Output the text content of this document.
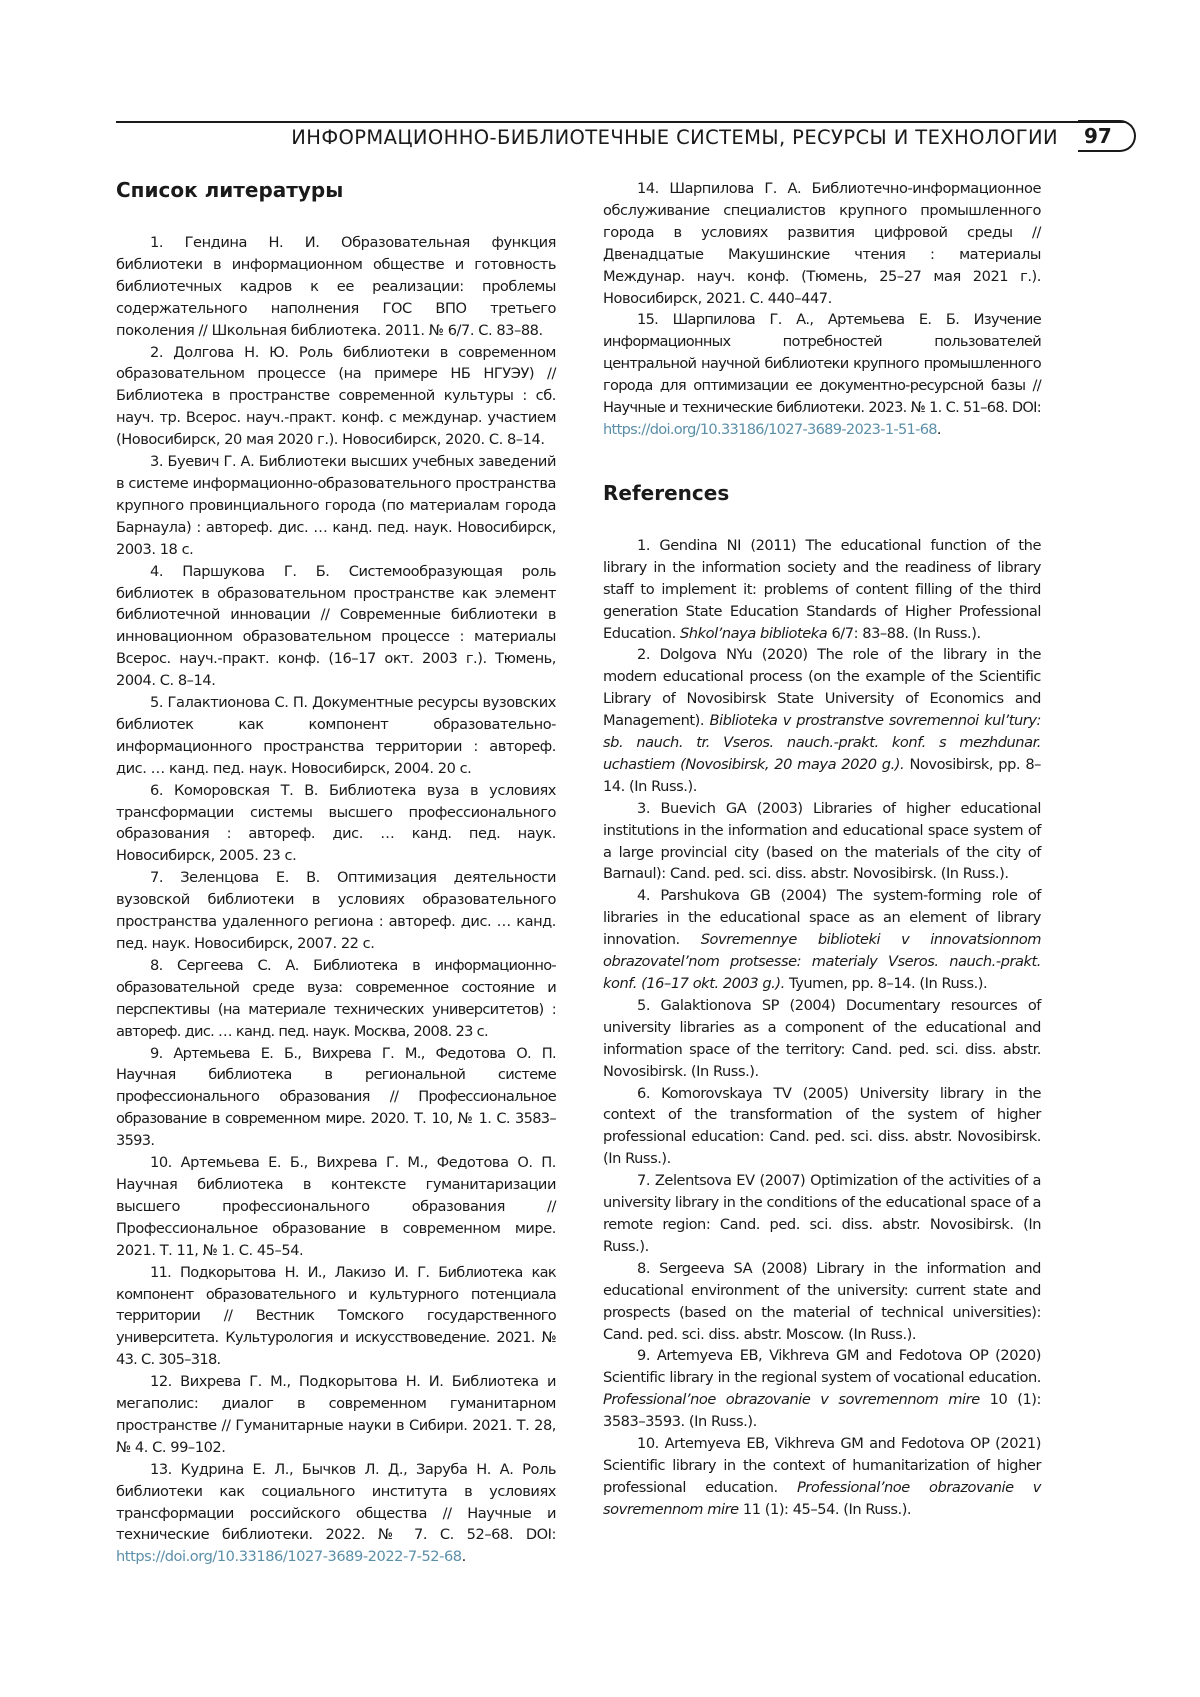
ИНФОРМАЦИОННО-БИБЛИОТЕЧНЫЕ СИСТЕМЫ, РЕСУРСЫ И ТЕХНОЛОГИИ 97
Список литературы

1. Гендина Н. И. Образовательная функция библиотеки в информационном обществе и готовность библиотечных кадров к ее реализации: проблемы содержательного наполнения ГОС ВПО третьего поколения // Школьная библиотека. 2011. № 6/7. С. 83–88.

2. Долгова Н. Ю. Роль библиотеки в современном образовательном процессе (на примере НБ НГУЭУ) // Библиотека в пространстве современной культуры : сб. науч. тр. Всерос. науч.-практ. конф. с междунар. участием (Новосибирск, 20 мая 2020 г.). Новосибирск, 2020. С. 8–14.

3. Буевич Г. А. Библиотеки высших учебных заведений в системе информационно-образовательного пространства крупного провинциального города (по материалам города Барнаула) : автореф. дис. … канд. пед. наук. Новосибирск, 2003. 18 с.

4. Паршукова Г. Б. Системообразующая роль библиотек в образовательном пространстве как элемент библиотечной инновации // Современные библиотеки в инновационном образовательном процессе : материалы Всерос. науч.-практ. конф. (16–17 окт. 2003 г.). Тюмень, 2004. С. 8–14.

5. Галактионова С. П. Документные ресурсы вузовских библиотек как компонент образовательно-информационного пространства территории : автореф. дис. … канд. пед. наук. Новосибирск, 2004. 20 с.

6. Коморовская Т. В. Библиотека вуза в условиях трансформации системы высшего профессионального образования : автореф. дис. … канд. пед. наук. Новосибирск, 2005. 23 с.

7. Зеленцова Е. В. Оптимизация деятельности вузовской библиотеки в условиях образовательного пространства удаленного региона : автореф. дис. … канд. пед. наук. Новосибирск, 2007. 22 с.

8. Сергеева С. А. Библиотека в информационно-образовательной среде вуза: современное состояние и перспективы (на материале технических университетов) : автореф. дис. … канд. пед. наук. Москва, 2008. 23 с.

9. Артемьева Е. Б., Вихрева Г. М., Федотова О. П. Научная библиотека в региональной системе профессионального образования // Профессиональное образование в современном мире. 2020. Т. 10, № 1. С. 3583–3593.

10. Артемьева Е. Б., Вихрева Г. М., Федотова О. П. Научная библиотека в контексте гуманитаризации высшего профессионального образования // Профессиональное образование в современном мире. 2021. Т. 11, № 1. С. 45–54.

11. Подкорытова Н. И., Лакизо И. Г. Библиотека как компонент образовательного и культурного потенциала территории // Вестник Томского государственного университета. Культурология и искусствоведение. 2021. № 43. С. 305–318.

12. Вихрева Г. М., Подкорытова Н. И. Библиотека и мегаполис: диалог в современном гуманитарном пространстве // Гуманитарные науки в Сибири. 2021. Т. 28, № 4. С. 99–102.

13. Кудрина Е. Л., Бычков Л. Д., Заруба Н. А. Роль библиотеки как социального института в условиях трансформации российского общества // Научные и технические библиотеки. 2022. № 7. С. 52–68. DOI: https://doi.org/10.33186/1027-3689-2022-7-52-68.

14. Шарпилова Г. А. Библиотечно-информационное обслуживание специалистов крупного промышленного города в условиях развития цифровой среды // Двенадцатые Макушинские чтения : материалы Междунар. науч. конф. (Тюмень, 25–27 мая 2021 г.). Новосибирск, 2021. С. 440–447.

15. Шарпилова Г. А., Артемьева Е. Б. Изучение информационных потребностей пользователей центральной научной библиотеки крупного промышленного города для оптимизации ее документно-ресурсной базы // Научные и технические библиотеки. 2023. № 1. С. 51–68. DOI: https://doi.org/10.33186/1027-3689-2023-1-51-68.

References

1. Gendina NI (2011) The educational function of the library in the information society and the readiness of library staff to implement it: problems of content filling of the third generation State Education Standards of Higher Professional Education. Shkol’naya biblioteka 6/7: 83–88. (In Russ.).

2. Dolgova NYu (2020) The role of the library in the modern educational process (on the example of the Scientific Library of Novosibirsk State University of Economics and Management). Biblioteka v prostranstve sovremennoi kul’tury: sb. nauch. tr. Vseros. nauch.-prakt. konf. s mezhdunar. uchastiem (Novosibirsk, 20 maya 2020 g.). Novosibirsk, pp. 8–14. (In Russ.).

3. Buevich GA (2003) Libraries of higher educational institutions in the information and educational space system of a large provincial city (based on the materials of the city of Barnaul): Cand. ped. sci. diss. abstr. Novosibirsk. (In Russ.).

4. Parshukova GB (2004) The system-forming role of libraries in the educational space as an element of library innovation. Sovremennye biblioteki v innovatsionnom obrazovatel’nom protsesse: materialy Vseros. nauch.-prakt. konf. (16–17 okt. 2003 g.). Tyumen, pp. 8–14. (In Russ.).

5. Galaktionova SP (2004) Documentary resources of university libraries as a component of the educational and information space of the territory: Cand. ped. sci. diss. abstr. Novosibirsk. (In Russ.).

6. Komorovskaya TV (2005) University library in the context of the transformation of the system of higher professional education: Cand. ped. sci. diss. abstr. Novosibirsk. (In Russ.).

7. Zelentsova EV (2007) Optimization of the activities of a university library in the conditions of the educational space of a remote region: Cand. ped. sci. diss. abstr. Novosibirsk. (In Russ.).

8. Sergeeva SA (2008) Library in the information and educational environment of the university: current state and prospects (based on the material of technical universities): Cand. ped. sci. diss. abstr. Moscow. (In Russ.).

9. Artemyeva EB, Vikhreva GM and Fedotova OP (2020) Scientific library in the regional system of vocational education. Professional’noe obrazovanie v sovremennom mire 10 (1): 3583–3593. (In Russ.).

10. Artemyeva EB, Vikhreva GM and Fedotova OP (2021) Scientific library in the context of humanitarization of higher professional education. Professional’noe obrazovanie v sovremennom mire 11 (1): 45–54. (In Russ.).
